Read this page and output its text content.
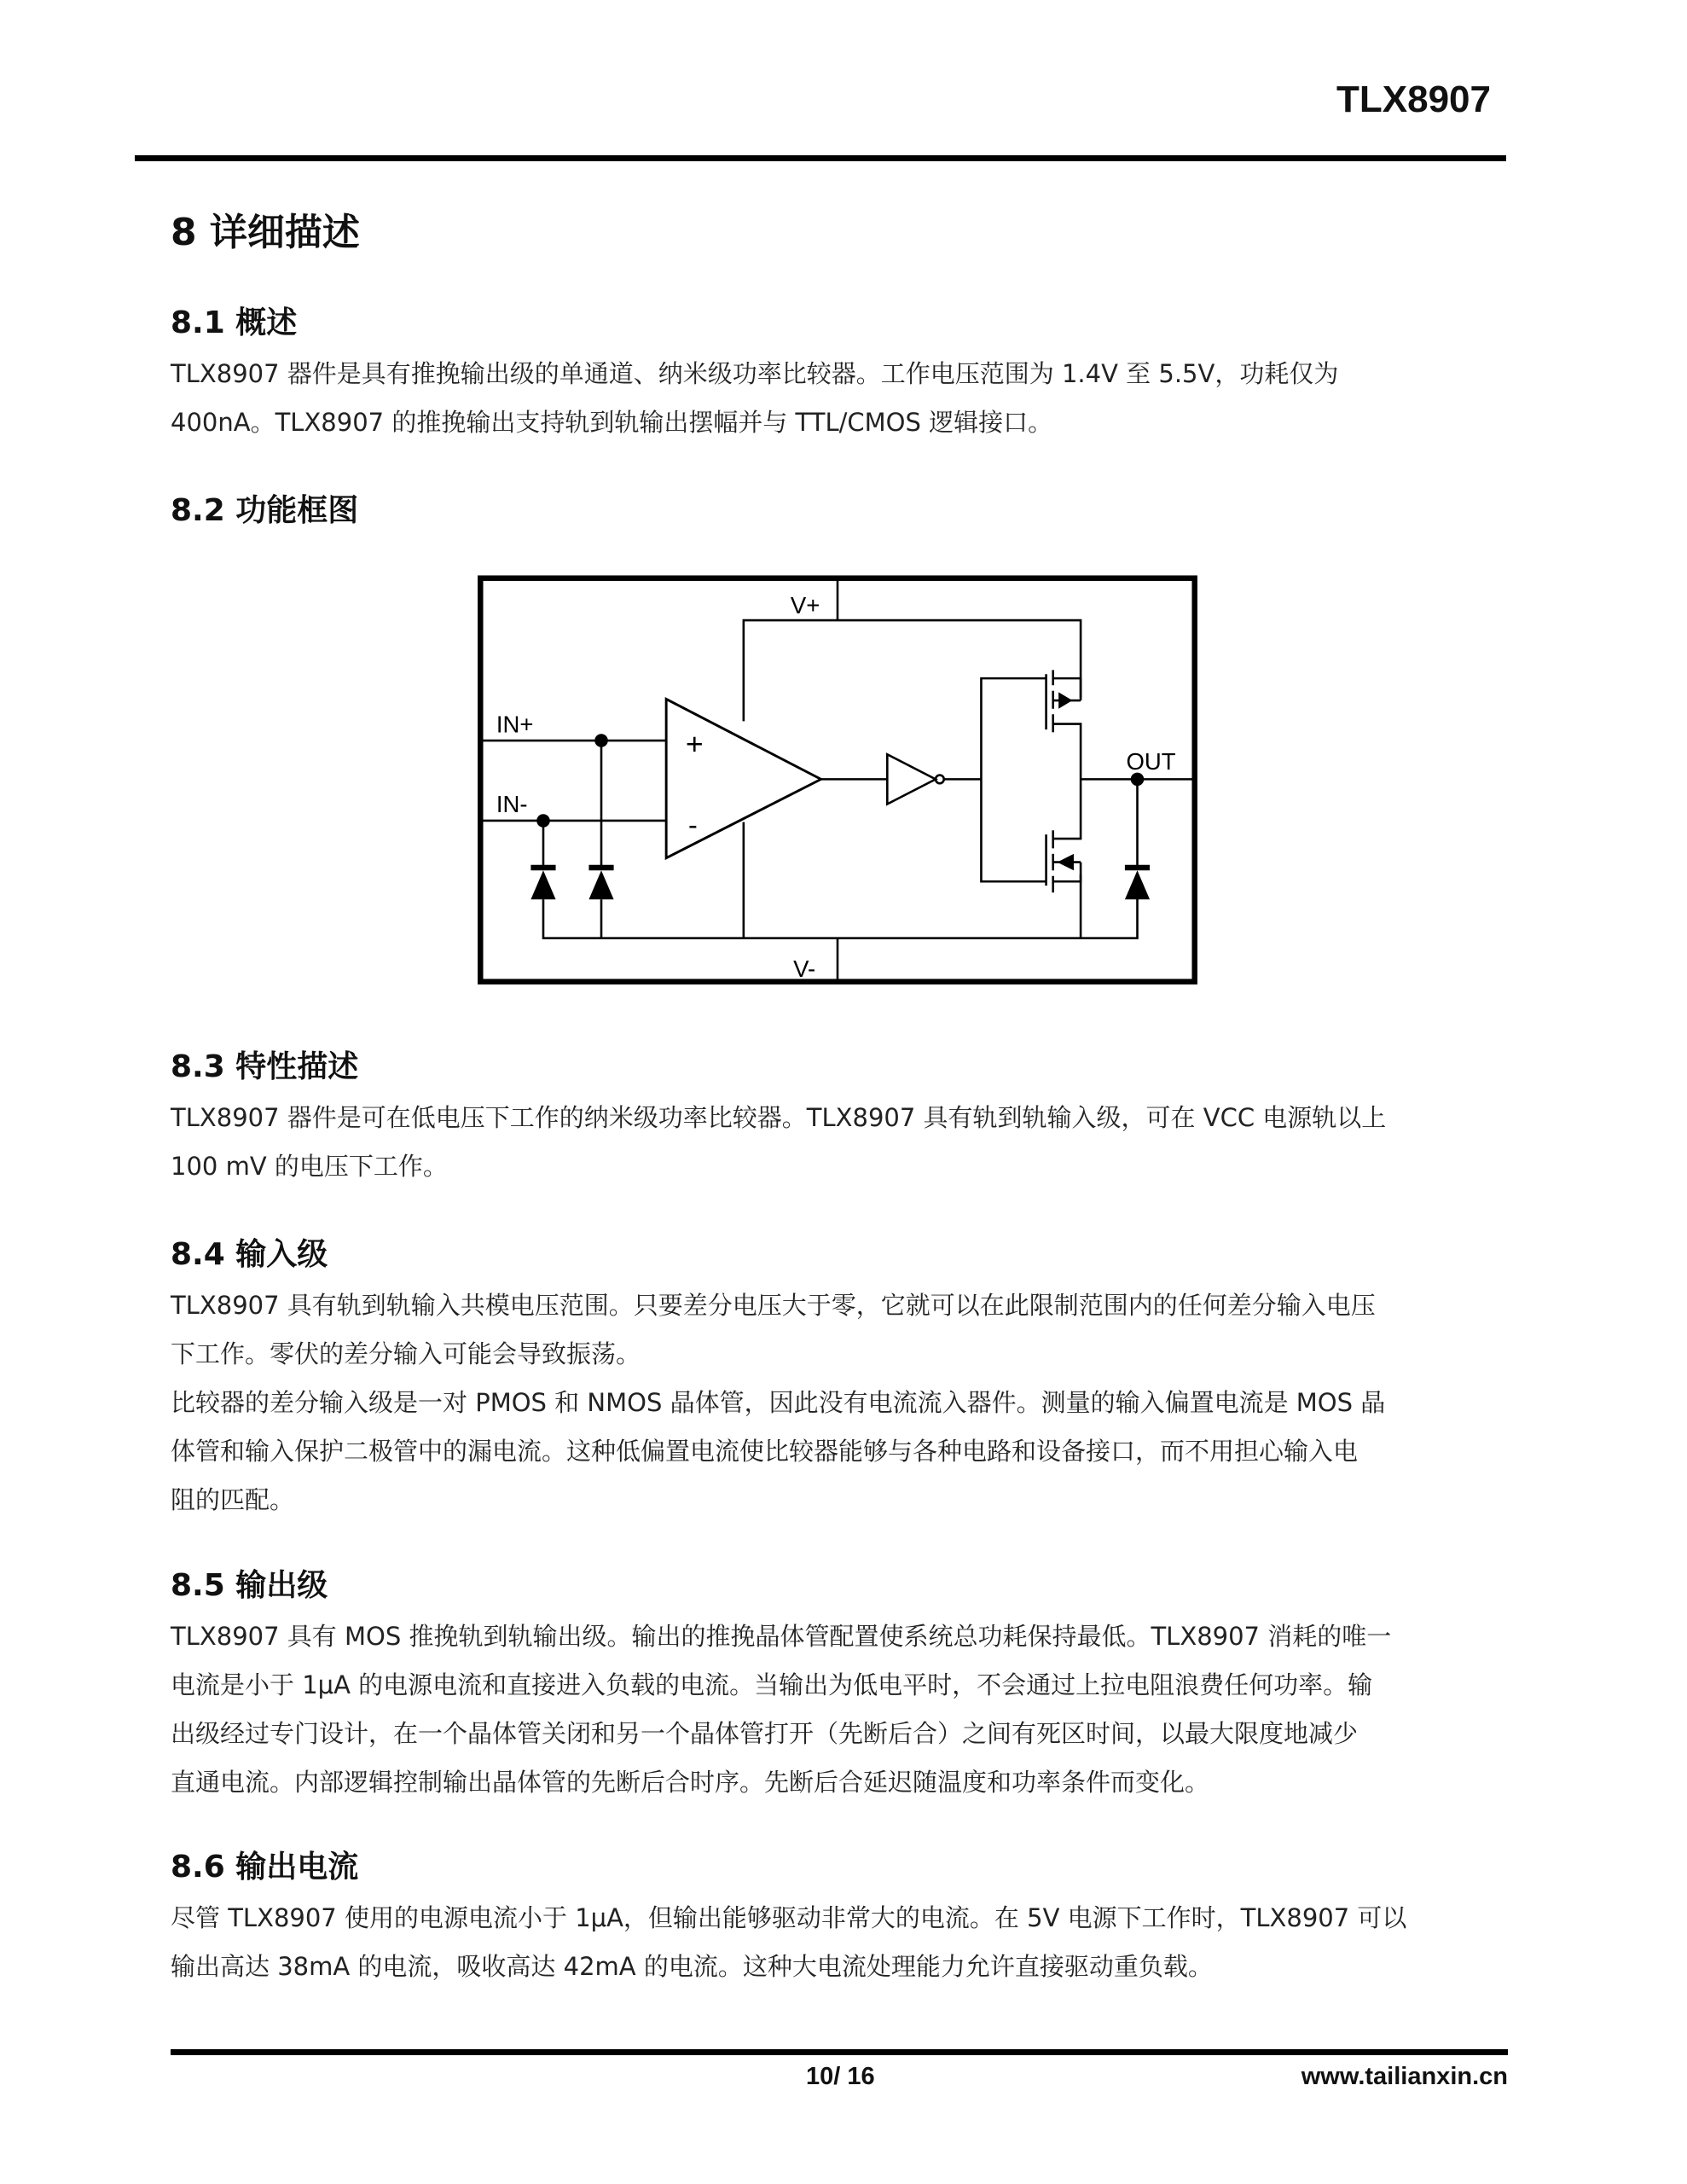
TLX8907
8 详细描述
8.1 概述
TLX8907 器件是具有推挽输出级的单通道、纳米级功率比较器。工作电压范围为 1.4V 至 5.5V，功耗仅为
400nA。TLX8907 的推挽输出支持轨到轨输出摆幅并与 TTL/CMOS 逻辑接口。
8.2 功能框图
V+
V-
IN+
IN-
+
-
OUT
8.3 特性描述
TLX8907 器件是可在低电压下工作的纳米级功率比较器。TLX8907 具有轨到轨输入级，可在 VCC 电源轨以上
100 mV 的电压下工作。
8.4 输入级
TLX8907 具有轨到轨输入共模电压范围。只要差分电压大于零，它就可以在此限制范围内的任何差分输入电压
下工作。零伏的差分输入可能会导致振荡。
比较器的差分输入级是一对 PMOS 和 NMOS 晶体管，因此没有电流流入器件。测量的输入偏置电流是 MOS 晶
体管和输入保护二极管中的漏电流。这种低偏置电流使比较器能够与各种电路和设备接口，而不用担心输入电
阻的匹配。
8.5 输出级
TLX8907 具有 MOS 推挽轨到轨输出级。输出的推挽晶体管配置使系统总功耗保持最低。TLX8907 消耗的唯一
电流是小于 1μA 的电源电流和直接进入负载的电流。当输出为低电平时，不会通过上拉电阻浪费任何功率。输
出级经过专门设计，在一个晶体管关闭和另一个晶体管打开（先断后合）之间有死区时间，以最大限度地减少
直通电流。内部逻辑控制输出晶体管的先断后合时序。先断后合延迟随温度和功率条件而变化。
8.6 输出电流
尽管 TLX8907 使用的电源电流小于 1μA，但输出能够驱动非常大的电流。在 5V 电源下工作时，TLX8907 可以
输出高达 38mA 的电流，吸收高达 42mA 的电流。这种大电流处理能力允许直接驱动重负载。
10/ 16	www.tailianxin.cn
